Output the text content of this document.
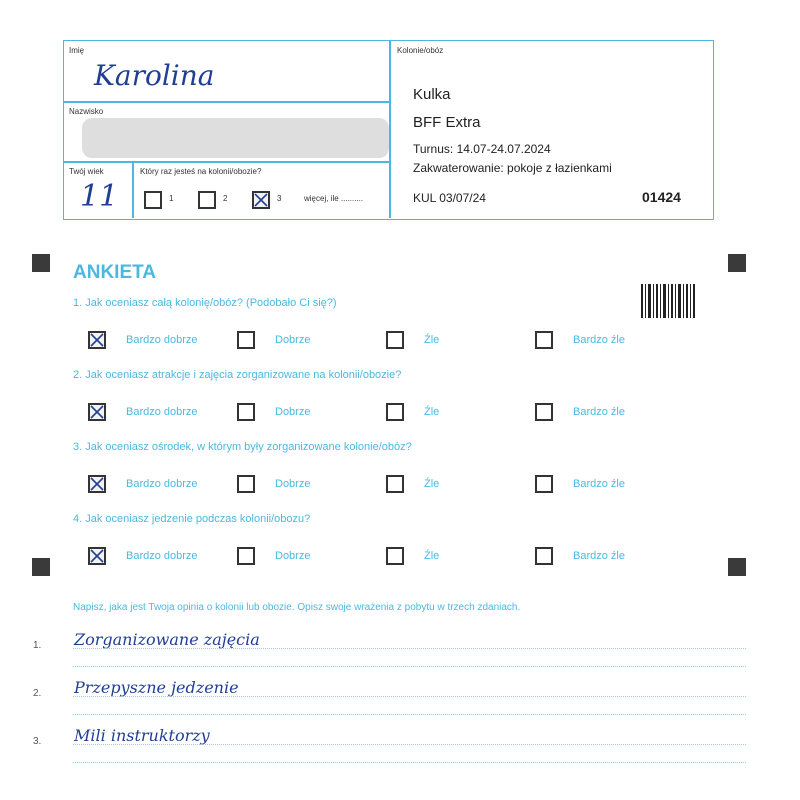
Imię
Karolina
Nazwisko
Twój wiek
11
Który raz jesteś na kolonii/obozie?
1	2	3	więcej, ile ..........
Kolonie/obóz
Kulka
BFF Extra
Turnus: 14.07-24.07.2024
Zakwaterowanie: pokoje z łazienkami
KUL 03/07/24	01424
ANKIETA
1. Jak oceniasz całą kolonię/obóz? (Podobało Ci się?)
Bardzo dobrze	Dobrze	Źle	Bardzo źle
2. Jak oceniasz atrakcje i zajęcia zorganizowane na kolonii/obozie?
Bardzo dobrze	Dobrze	Źle	Bardzo źle
3. Jak oceniasz ośrodek, w którym były zorganizowane kolonie/obóz?
Bardzo dobrze	Dobrze	Źle	Bardzo źle
4. Jak oceniasz jedzenie podczas kolonii/obozu?
Bardzo dobrze	Dobrze	Źle	Bardzo źle
Napisz, jaka jest Twoja opinia o kolonii lub obozie. Opisz swoje wrażenia z pobytu w trzech zdaniach.
1. Zorganizowane zajęcia
2. Przepyszne jedzenie
3. Mili instruktorzy
